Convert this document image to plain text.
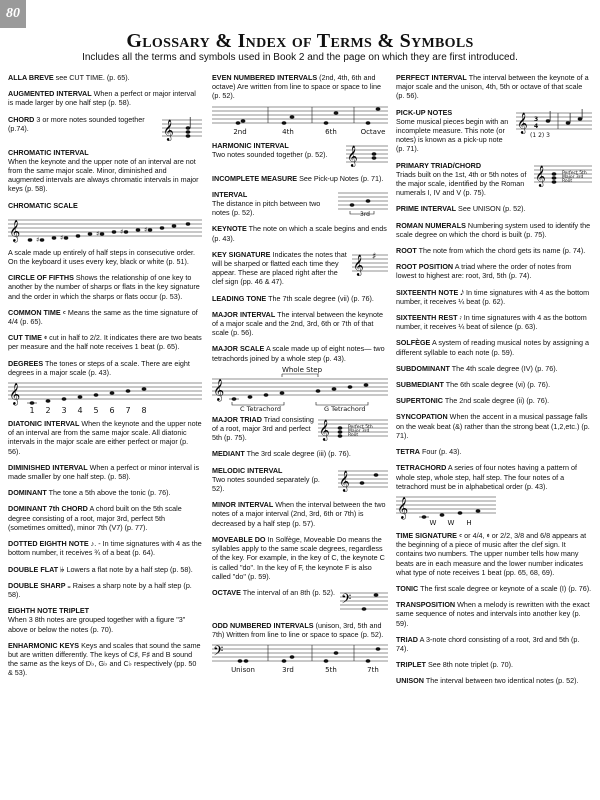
80
Glossary & Index of Terms & Symbols
Includes all the terms and symbols used in Book 2 and the page on which they are first introduced.
ALLA BREVE see CUT TIME. (p. 65).
AUGMENTED INTERVAL When a perfect or major interval is made larger by one half step (p. 58).
CHORD 3 or more notes sounded together (p.74).	𝄞
CHROMATIC INTERVAL
When the keynote and the upper note of an interval are not from the same major scale. Minor, diminished and augmented intervals are always chromatic intervals in major keys (p. 58).
CHROMATIC SCALE
𝄞 ♯	♯	♯	♯	♯
A scale made up entirely of half steps in consecutive order. On the keyboard it uses every key, black or white (p. 51).
CIRCLE OF FIFTHS Shows the relationship of one key to another by the number of sharps or flats in the key signature and the order in which the sharps or flats occur (p. 53).
COMMON TIME 𝄴 Means the same as the time signature of 4/4 (p. 65).
CUT TIME 𝄵 cut in half to 2/2. It indicates there are two beats per measure and the half note receives 1 beat (p. 65).
DEGREES The tones or steps of a scale. There are eight degrees in a major scale (p. 43).
𝄞
1 2 3 4 5 6 7 8
DIATONIC INTERVAL When the keynote and the upper note of an interval are from the same major scale. All diatonic intervals in the major scale are either perfect or major (p. 56).
DIMINISHED INTERVAL When a perfect or minor interval is made smaller by one half step. (p. 58).
DOMINANT The tone a 5th above the tonic (p. 76).
DOMINANT 7th CHORD A chord built on the 5th scale degree consisting of a root, major 3rd, perfect 5th (sometimes omitted), minor 7th (V7) (p. 77).
DOTTED EIGHTH NOTE ♪. - In time signatures with 4 as the bottom number, it receives ¾ of a beat (p. 64).
DOUBLE FLAT 𝄫 Lowers a flat note by a half step (p. 58).
DOUBLE SHARP 𝄪 Raises a sharp note by a half step (p. 58).
EIGHTH NOTE TRIPLET
When 3 8th notes are grouped together with a figure "3" above or below the notes (p. 70).
ENHARMONIC KEYS Keys and scales that sound the same but are written differently. The keys of C♯, F♯ and B sound the same as the keys of D♭, G♭ and C♭ respectively (pp. 50 & 53).
EVEN NUMBERED INTERVALS (2nd, 4th, 6th and octave) Are written from line to space or space to line (p. 52).
2nd	4th	6th	Octave
HARMONIC INTERVAL
Two notes sounded together (p. 52).	𝄞
INCOMPLETE MEASURE See Pick-up Notes (p. 71).
INTERVAL
The distance in pitch between two notes (p. 52).	3rd
KEYNOTE The note on which a scale begins and ends (p. 43).
KEY SIGNATURE Indicates the notes that will be sharped or flatted each time they appear. These are placed right after the clef sign (pp. 46 & 47).
𝄞 ♯
LEADING TONE The 7th scale degree (vii) (p. 76).
MAJOR INTERVAL The interval between the keynote of a major scale and the 2nd, 3rd, 6th or 7th of that scale (p. 56).
MAJOR SCALE A scale made up of eight notes— two tetrachords joined by a whole step (p. 43).
Whole Step
𝄞
C Tetrachord	G Tetrachord
MAJOR TRIAD Triad consisting of a root, major 3rd and perfect 5th (p. 75).	𝄞	Perfect 5th
Major 3rd
Root
MEDIANT The 3rd scale degree (iii) (p. 76).
MELODIC INTERVAL
Two notes sounded separately (p. 52).	𝄞
MINOR INTERVAL When the interval between the two notes of a major interval (2nd, 3rd, 6th or 7th) is decreased by a half step (p. 57).
MOVEABLE DO In Solfège, Moveable Do means the syllables apply to the same scale degrees, regardless of the key. For example, in the key of C, the keynote C is called "do". In the key of F, the keynote F is also called "do" (p. 59).
OCTAVE The interval of an 8th (p. 52). 𝄢
ODD NUMBERED INTERVALS (unison, 3rd, 5th and 7th) Written from line to line or space to space (p. 52).
𝄢
Unison	3rd	5th	7th
PERFECT INTERVAL The interval between the keynote of a major scale and the unison, 4th, 5th or octave of that scale (p. 56).
PICK-UP NOTES
Some musical pieces begin with an incomplete measure. This note (or notes) is known as a pick-up note (p. 71).
𝄞 3
4
(1 2) 3
PRIMARY TRIAD/CHORD
Triads built on the 1st, 4th or 5th notes of the major scale, identified by the Roman numerals I, IV and V (p. 75).
𝄞	Perfect 5th
Major 3rd
Root
PRIME INTERVAL See UNISON (p. 52).
ROMAN NUMERALS Numbering system used to identify the scale degree on which the chord is built (p. 75).
ROOT The note from which the chord gets its name (p. 74).
ROOT POSITION A triad where the order of notes from lowest to highest are: root, 3rd, 5th (p. 74).
SIXTEENTH NOTE 𝅘𝅥𝅯 In time signatures with 4 as the bottom number, it receives ¼ beat (p. 62).
SIXTEENTH REST 𝄿 In time signatures with 4 as the bottom number, it receives ¼ beat of silence (p. 63).
SOLFÈGE A system of reading musical notes by assigning a different syllable to each note (p. 59).
SUBDOMINANT The 4th scale degree (IV) (p. 76).
SUBMEDIANT The 6th scale degree (vi) (p. 76).
SUPERTONIC The 2nd scale degree (ii) (p. 76).
SYNCOPATION When the accent in a musical passage falls on the weak beat (&) rather than the strong beat (1,2,etc.) (p. 71).
TETRA Four (p. 43).
TETRACHORD A series of four notes having a pattern of whole step, whole step, half step. The four notes of a tetrachord must be in alphabetical order (p. 43).
𝄞
W W H
TIME SIGNATURE 𝄴 or 4/4, 𝄵 or 2/2, 3/8 and 6/8 appears at the beginning of a piece of music after the clef sign. It contains two numbers. The upper number tells how many beats are in each measure and the lower number indicates what type of note receives 1 beat (pp. 65, 68, 69).
TONIC The first scale degree or keynote of a scale (I) (p. 76).
TRANSPOSITION When a melody is rewritten with the exact same sequence of notes and intervals into another key (p. 59).
TRIAD A 3-note chord consisting of a root, 3rd and 5th (p. 74).
TRIPLET See 8th note triplet (p. 70).
UNISON The interval between two identical notes (p. 52).
